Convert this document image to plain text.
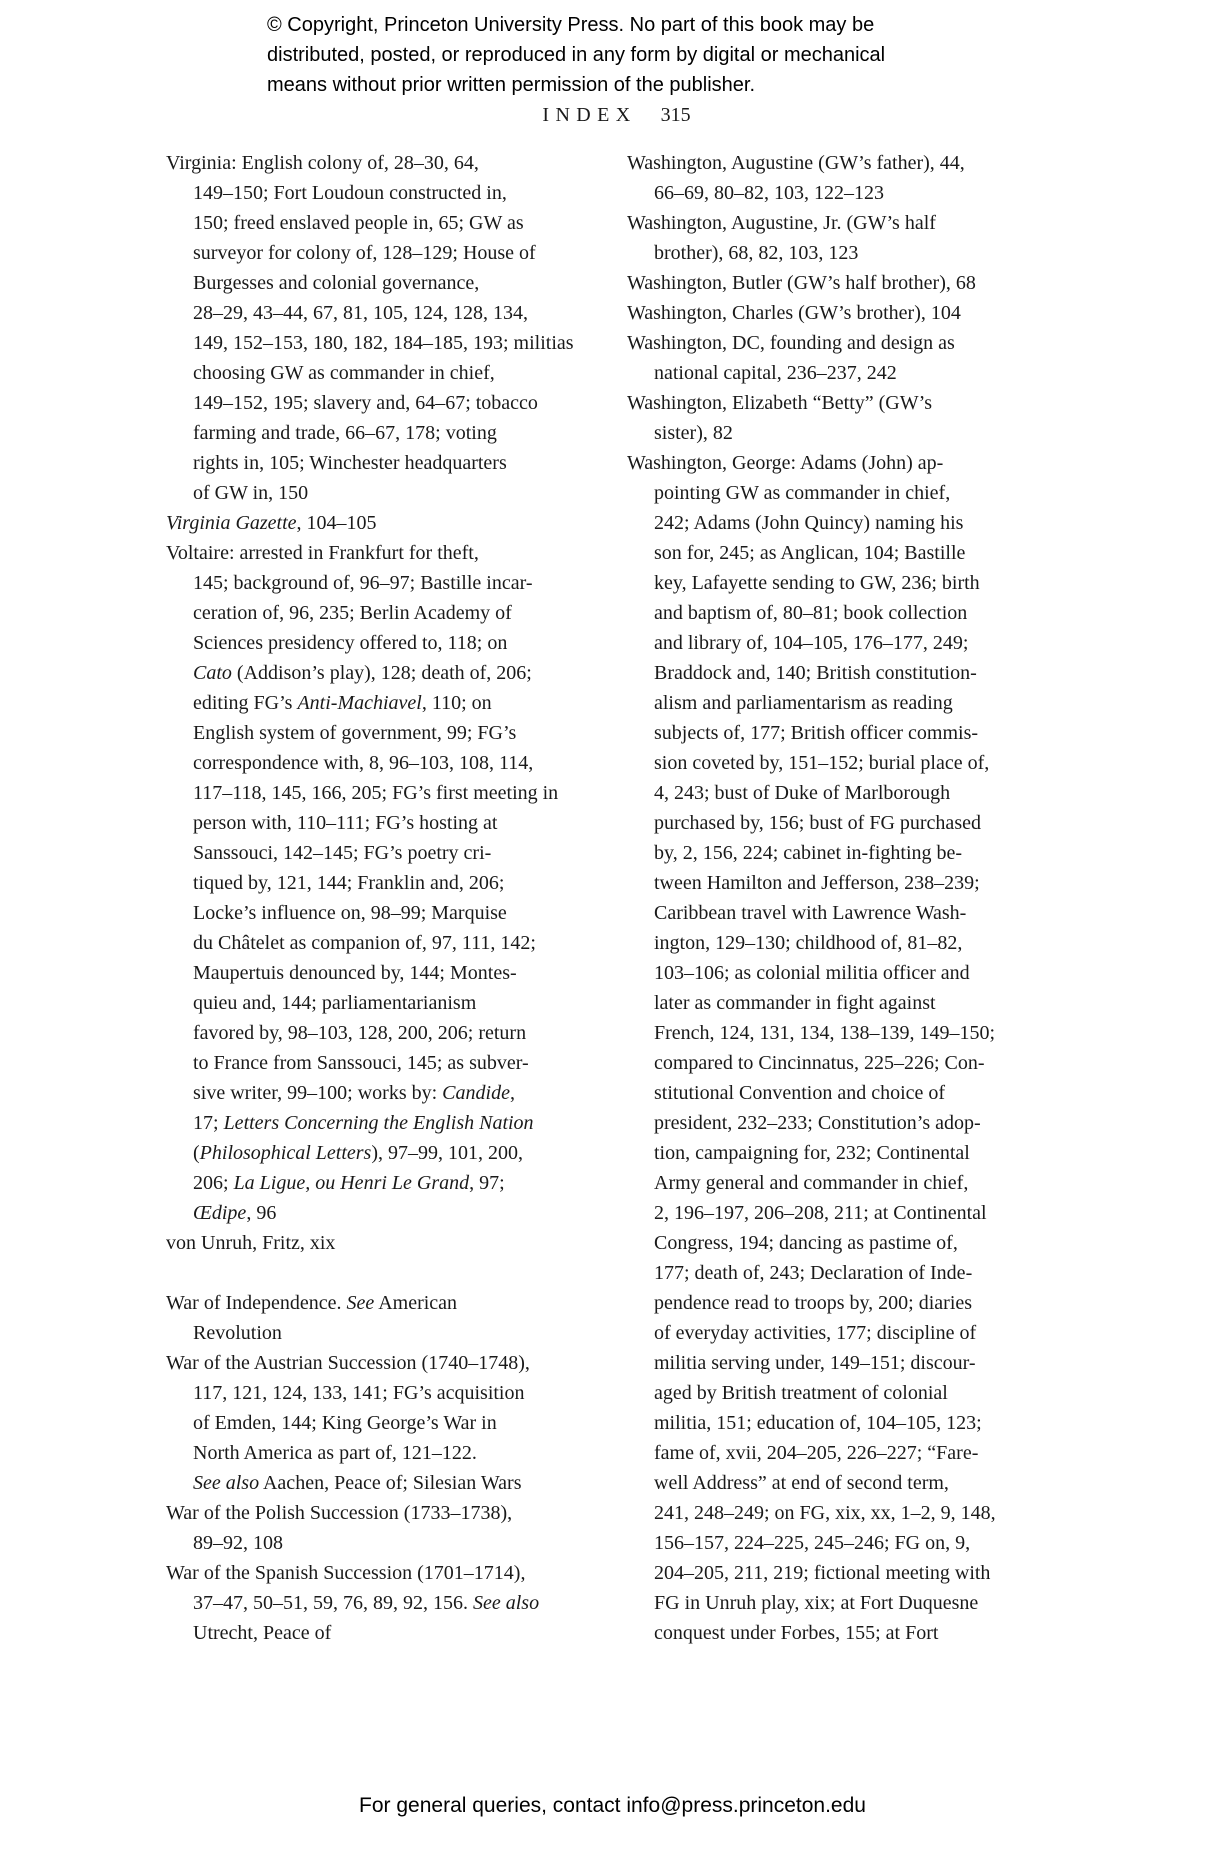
© Copyright, Princeton University Press. No part of this book may be
distributed, posted, or reproduced in any form by digital or mechanical
means without prior written permission of the publisher.
INDEX 315
Virginia: English colony of, 28–30, 64,
149–150; Fort Loudoun constructed in,
150; freed enslaved people in, 65; GW as
surveyor for colony of, 128–129; House of
Burgesses and colonial governance,
28–29, 43–44, 67, 81, 105, 124, 128, 134,
149, 152–153, 180, 182, 184–185, 193; militias
choosing GW as commander in chief,
149–152, 195; slavery and, 64–67; tobacco
farming and trade, 66–67, 178; voting
rights in, 105; Winchester headquarters
of GW in, 150
Virginia Gazette, 104–105
Voltaire: arrested in Frankfurt for theft,
145; background of, 96–97; Bastille incar-
ceration of, 96, 235; Berlin Academy of
Sciences presidency offered to, 118; on
Cato (Addison’s play), 128; death of, 206;
editing FG’s Anti-Machiavel, 110; on
English system of government, 99; FG’s
correspondence with, 8, 96–103, 108, 114,
117–118, 145, 166, 205; FG’s first meeting in
person with, 110–111; FG’s hosting at
Sanssouci, 142–145; FG’s poetry cri-
tiqued by, 121, 144; Franklin and, 206;
Locke’s influence on, 98–99; Marquise
du Châtelet as companion of, 97, 111, 142;
Maupertuis denounced by, 144; Montes-
quieu and, 144; parliamentarianism
favored by, 98–103, 128, 200, 206; return
to France from Sanssouci, 145; as subver-
sive writer, 99–100; works by: Candide,
17; Letters Concerning the English Nation
(Philosophical Letters), 97–99, 101, 200,
206; La Ligue, ou Henri Le Grand, 97;
Œdipe, 96
von Unruh, Fritz, xix
War of Independence. See American
Revolution
War of the Austrian Succession (1740–1748),
117, 121, 124, 133, 141; FG’s acquisition
of Emden, 144; King George’s War in
North America as part of, 121–122.
See also Aachen, Peace of; Silesian Wars
War of the Polish Succession (1733–1738),
89–92, 108
War of the Spanish Succession (1701–1714),
37–47, 50–51, 59, 76, 89, 92, 156. See also
Utrecht, Peace of
Washington, Augustine (GW’s father), 44,
66–69, 80–82, 103, 122–123
Washington, Augustine, Jr. (GW’s half
brother), 68, 82, 103, 123
Washington, Butler (GW’s half brother), 68
Washington, Charles (GW’s brother), 104
Washington, DC, founding and design as
national capital, 236–237, 242
Washington, Elizabeth “Betty” (GW’s
sister), 82
Washington, George: Adams (John) ap-
pointing GW as commander in chief,
242; Adams (John Quincy) naming his
son for, 245; as Anglican, 104; Bastille
key, Lafayette sending to GW, 236; birth
and baptism of, 80–81; book collection
and library of, 104–105, 176–177, 249;
Braddock and, 140; British constitution-
alism and parliamentarism as reading
subjects of, 177; British officer commis-
sion coveted by, 151–152; burial place of,
4, 243; bust of Duke of Marlborough
purchased by, 156; bust of FG purchased
by, 2, 156, 224; cabinet in-fighting be-
tween Hamilton and Jefferson, 238–239;
Caribbean travel with Lawrence Wash-
ington, 129–130; childhood of, 81–82,
103–106; as colonial militia officer and
later as commander in fight against
French, 124, 131, 134, 138–139, 149–150;
compared to Cincinnatus, 225–226; Con-
stitutional Convention and choice of
president, 232–233; Constitution’s adop-
tion, campaigning for, 232; Continental
Army general and commander in chief,
2, 196–197, 206–208, 211; at Continental
Congress, 194; dancing as pastime of,
177; death of, 243; Declaration of Inde-
pendence read to troops by, 200; diaries
of everyday activities, 177; discipline of
militia serving under, 149–151; discour-
aged by British treatment of colonial
militia, 151; education of, 104–105, 123;
fame of, xvii, 204–205, 226–227; “Fare-
well Address” at end of second term,
241, 248–249; on FG, xix, xx, 1–2, 9, 148,
156–157, 224–225, 245–246; FG on, 9,
204–205, 211, 219; fictional meeting with
FG in Unruh play, xix; at Fort Duquesne
conquest under Forbes, 155; at Fort
For general queries, contact info@press.princeton.edu
